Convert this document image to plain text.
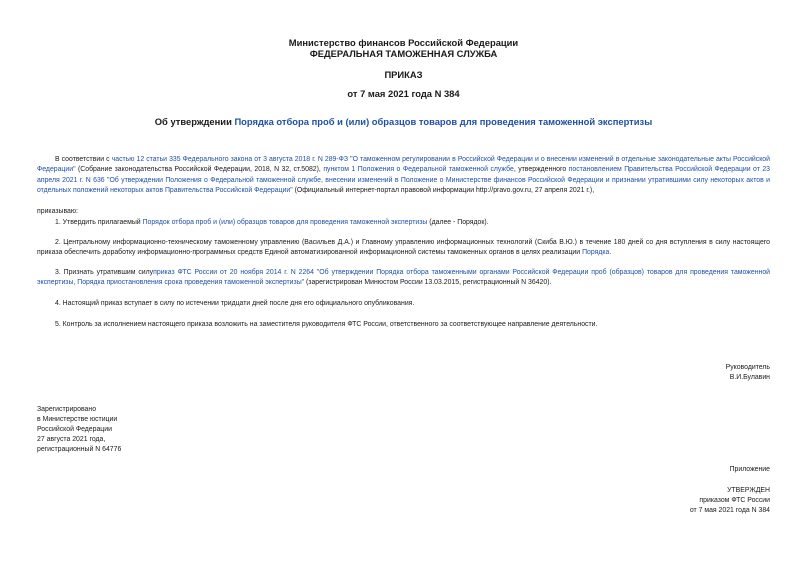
Министерство финансов Российской Федерации
ФЕДЕРАЛЬНАЯ ТАМОЖЕННАЯ СЛУЖБА
ПРИКАЗ
от 7 мая 2021 года N 384
Об утверждении Порядка отбора проб и (или) образцов товаров для проведения таможенной экспертизы

В соответствии с частью 12 статьи 335 Федерального закона от 3 августа 2018 г. N 289-ФЗ "О таможенном регулировании в Российской Федерации и о внесении изменений в отдельные законодательные акты Российской Федерации" (Собрание законодательства Российской Федерации, 2018, N 32, ст.5082), пунктом 1 Положения о Федеральной таможенной службе, утвержденного постановлением Правительства Российской Федерации от 23 апреля 2021 г. N 636 "Об утверждении Положения о Федеральной таможенной службе, внесении изменений в Положение о Министерстве финансов Российской Федерации и признании утратившими силу некоторых актов и отдельных положений некоторых актов Правительства Российской Федерации" (Официальный интернет-портал правовой информации http://pravo.gov.ru, 27 апреля 2021 г.),

приказываю:

1. Утвердить прилагаемый Порядок отбора проб и (или) образцов товаров для проведения таможенной экспертизы (далее - Порядок).

2. Центральному информационно-техническому таможенному управлению (Васильев Д.А.) и Главному управлению информационных технологий (Скиба В.Ю.) в течение 180 дней со дня вступления в силу настоящего приказа обеспечить доработку информационно-программных средств Единой автоматизированной информационной системы таможенных органов в целях реализации Порядка.

3. Признать утратившим силуприказ ФТС России от 20 ноября 2014 г. N 2264 "Об утверждении Порядка отбора таможенными органами Российской Федерации проб (образцов) товаров для проведения таможенной экспертизы, Порядка приостановления срока проведения таможенной экспертизы" (зарегистрирован Минюстом России 13.03.2015, регистрационный N 36420).

4. Настоящий приказ вступает в силу по истечении тридцати дней после дня его официального опубликования.

5. Контроль за исполнением настоящего приказа возложить на заместителя руководителя ФТС России, ответственного за соответствующее направление деятельности.

Руководитель
В.И.Булавин
Зарегистрировано
в Министерстве юстиции
Российской Федерации
27 августа 2021 года,
регистрационный N 64776
Приложение
УТВЕРЖДЕН
приказом ФТС России
от 7 мая 2021 года N 384
